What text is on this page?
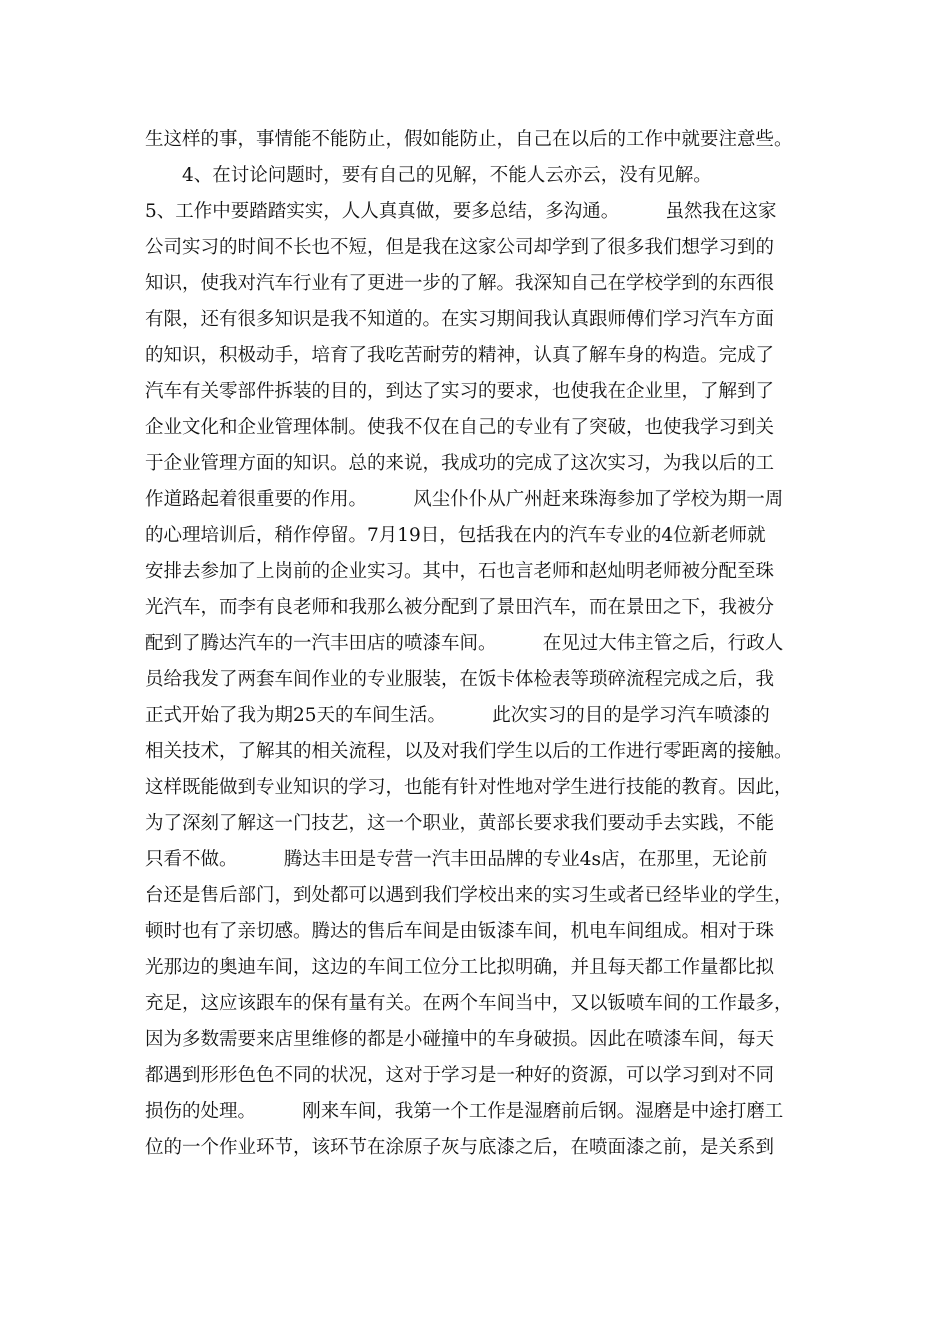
生这样的事，事情能不能防止，假如能防止，自己在以后的工作中就要注意些。
　　4、在讨论问题时，要有自己的见解，不能人云亦云，没有见解。
5、工作中要踏踏实实，人人真真做，要多总结，多沟通。　　　虽然我在这家
公司实习的时间不长也不短，但是我在这家公司却学到了很多我们想学习到的
知识，使我对汽车行业有了更进一步的了解。我深知自己在学校学到的东西很
有限，还有很多知识是我不知道的。在实习期间我认真跟师傅们学习汽车方面
的知识，积极动手，培育了我吃苦耐劳的精神，认真了解车身的构造。完成了
汽车有关零部件拆装的目的，到达了实习的要求，也使我在企业里，了解到了
企业文化和企业管理体制。使我不仅在自己的专业有了突破，也使我学习到关
于企业管理方面的知识。总的来说，我成功的完成了这次实习，为我以后的工
作道路起着很重要的作用。　　　风尘仆仆从广州赶来珠海参加了学校为期一周
的心理培训后，稍作停留。7月19日，包括我在内的汽车专业的4位新老师就
安排去参加了上岗前的企业实习。其中，石也言老师和赵灿明老师被分配至珠
光汽车，而李有良老师和我那么被分配到了景田汽车，而在景田之下，我被分
配到了腾达汽车的一汽丰田店的喷漆车间。　　　在见过大伟主管之后，行政人
员给我发了两套车间作业的专业服装，在饭卡体检表等琐碎流程完成之后，我
正式开始了我为期25天的车间生活。　　　此次实习的目的是学习汽车喷漆的
相关技术，了解其的相关流程，以及对我们学生以后的工作进行零距离的接触。
这样既能做到专业知识的学习，也能有针对性地对学生进行技能的教育。因此，
为了深刻了解这一门技艺，这一个职业，黄部长要求我们要动手去实践，不能
只看不做。　　　腾达丰田是专营一汽丰田品牌的专业4s店，在那里，无论前
台还是售后部门，到处都可以遇到我们学校出来的实习生或者已经毕业的学生，
顿时也有了亲切感。腾达的售后车间是由钣漆车间，机电车间组成。相对于珠
光那边的奥迪车间，这边的车间工位分工比拟明确，并且每天都工作量都比拟
充足，这应该跟车的保有量有关。在两个车间当中，又以钣喷车间的工作最多，
因为多数需要来店里维修的都是小碰撞中的车身破损。因此在喷漆车间，每天
都遇到形形色色不同的状况，这对于学习是一种好的资源，可以学习到对不同
损伤的处理。　　　刚来车间，我第一个工作是湿磨前后钢。湿磨是中途打磨工
位的一个作业环节，该环节在涂原子灰与底漆之后，在喷面漆之前，是关系到
